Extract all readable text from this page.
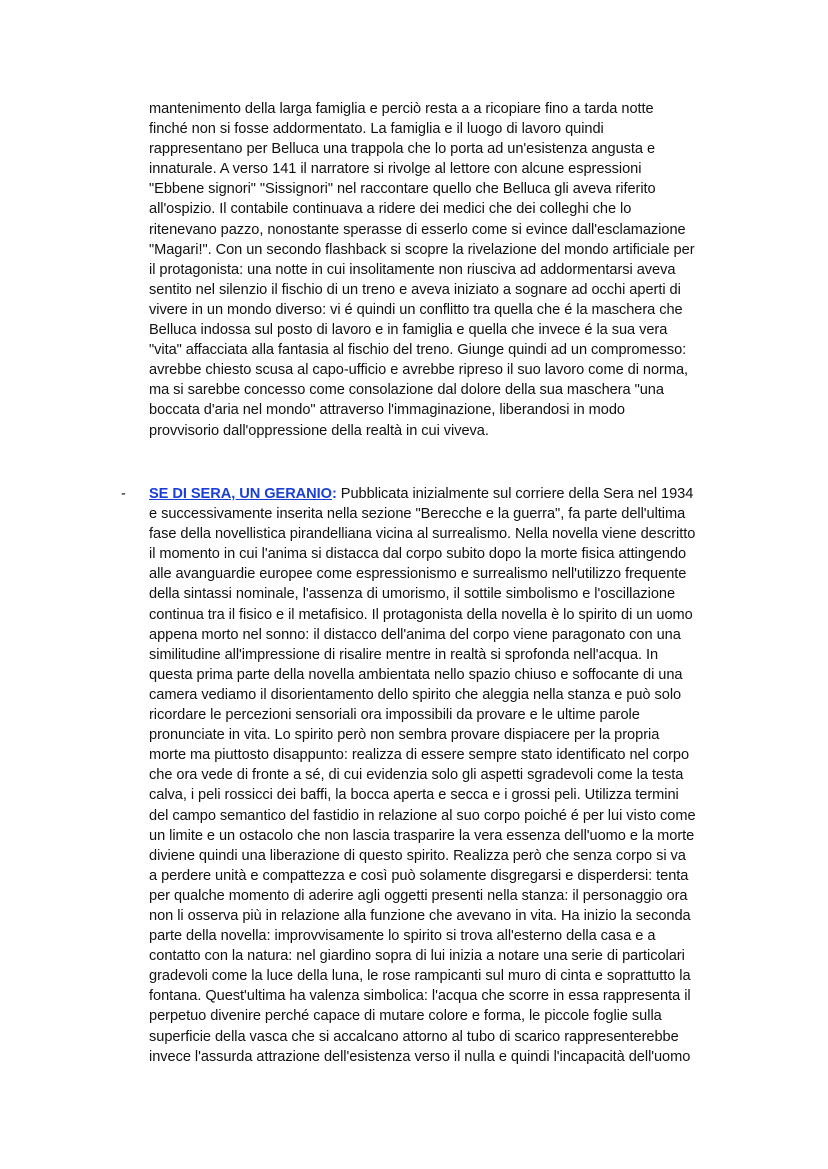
mantenimento della larga famiglia e perciò resta a a ricopiare fino a tarda notte
finché non si fosse addormentato. La famiglia e il luogo di lavoro quindi
rappresentano per Belluca una trappola che lo porta ad un'esistenza angusta e
innaturale. A verso 141 il narratore si rivolge al lettore con alcune espressioni
"Ebbene signori" "Sissignori" nel raccontare quello che Belluca gli aveva riferito
all'ospizio. Il contabile continuava a ridere dei medici che dei colleghi che lo
ritenevano pazzo, nonostante sperasse di esserlo come si evince dall'esclamazione
"Magari!". Con un secondo flashback si scopre la rivelazione del mondo artificiale per
il protagonista: una notte in cui insolitamente non riusciva ad addormentarsi aveva
sentito nel silenzio il fischio di un treno e aveva iniziato a sognare ad occhi aperti di
vivere in un mondo diverso: vi é quindi un conflitto tra quella che é la maschera che
Belluca indossa sul posto di lavoro e in famiglia e quella che invece é la sua vera
"vita" affacciata alla fantasia al fischio del treno. Giunge quindi ad un compromesso:
avrebbe chiesto scusa al capo-ufficio e avrebbe ripreso il suo lavoro come di norma,
ma si sarebbe concesso come consolazione dal dolore della sua maschera "una
boccata d'aria nel mondo" attraverso l'immaginazione, liberandosi in modo
provvisorio dall'oppressione della realtà in cui viveva.
-	SE DI SERA, UN GERANIO: Pubblicata inizialmente sul corriere della Sera nel 1934
e successivamente inserita nella sezione "Berecche e la guerra", fa parte dell'ultima
fase della novellistica pirandelliana vicina al surrealismo. Nella novella viene descritto
il momento in cui l'anima si distacca dal corpo subito dopo la morte fisica attingendo
alle avanguardie europee come espressionismo e surrealismo nell'utilizzo frequente
della sintassi nominale, l'assenza di umorismo, il sottile simbolismo e l'oscillazione
continua tra il fisico e il metafisico. Il protagonista della novella è lo spirito di un uomo
appena morto nel sonno: il distacco dell'anima del corpo viene paragonato con una
similitudine all'impressione di risalire mentre in realtà si sprofonda nell'acqua. In
questa prima parte della novella ambientata nello spazio chiuso e soffocante di una
camera vediamo il disorientamento dello spirito che aleggia nella stanza e può solo
ricordare le percezioni sensoriali ora impossibili da provare e le ultime parole
pronunciate in vita. Lo spirito però non sembra provare dispiacere per la propria
morte ma piuttosto disappunto: realizza di essere sempre stato identificato nel corpo
che ora vede di fronte a sé, di cui evidenzia solo gli aspetti sgradevoli come la testa
calva, i peli rossicci dei baffi, la bocca aperta e secca e i grossi peli. Utilizza termini
del campo semantico del fastidio in relazione al suo corpo poiché é per lui visto come
un limite e un ostacolo che non lascia trasparire la vera essenza dell'uomo e la morte
diviene quindi una liberazione di questo spirito. Realizza però che senza corpo si va
a perdere unità e compattezza e così può solamente disgregarsi e disperdersi: tenta
per qualche momento di aderire agli oggetti presenti nella stanza: il personaggio ora
non li osserva più in relazione alla funzione che avevano in vita. Ha inizio la seconda
parte della novella: improvvisamente lo spirito si trova all'esterno della casa e a
contatto con la natura: nel giardino sopra di lui inizia a notare una serie di particolari
gradevoli come la luce della luna, le rose rampicanti sul muro di cinta e soprattutto la
fontana. Quest'ultima ha valenza simbolica: l'acqua che scorre in essa rappresenta il
perpetuo divenire perché capace di mutare colore e forma, le piccole foglie sulla
superficie della vasca che si accalcano attorno al tubo di scarico rappresenterebbe
invece l'assurda attrazione dell'esistenza verso il nulla e quindi l'incapacità dell'uomo
